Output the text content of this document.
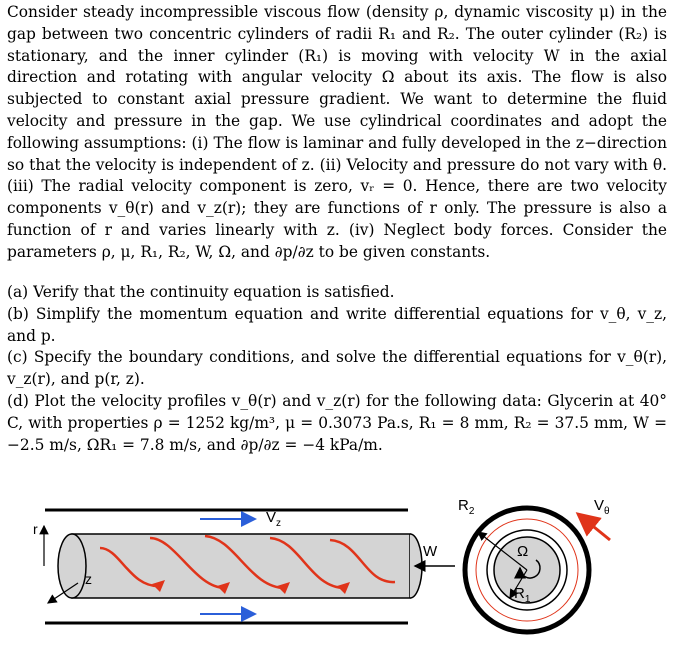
Consider steady incompressible viscous flow (density ρ, dynamic viscosity μ) in the gap between two concentric cylinders of radii R₁ and R₂. The outer cylinder (R₂) is stationary, and the inner cylinder (R₁) is moving with velocity W in the axial direction and rotating with angular velocity Ω about its axis. The flow is also subjected to constant axial pressure gradient. We want to determine the fluid velocity and pressure in the gap. We use cylindrical coordinates and adopt the following assumptions: (i) The flow is laminar and fully developed in the z−direction so that the velocity is independent of z. (ii) Velocity and pressure do not vary with θ. (iii) The radial velocity component is zero, vᵣ = 0. Hence, there are two velocity components v_θ(r) and v_z(r); they are functions of r only. The pressure is also a function of r and varies linearly with z. (iv) Neglect body forces. Consider the parameters ρ, μ, R₁, R₂, W, Ω, and ∂p/∂z to be given constants.

(a) Verify that the continuity equation is satisfied.
(b) Simplify the momentum equation and write differential equations for v_θ, v_z, and p.
(c) Specify the boundary conditions, and solve the differential equations for v_θ(r), v_z(r), and p(r, z).
(d) Plot the velocity profiles v_θ(r) and v_z(r) for the following data: Glycerin at 40° C, with properties ρ = 1252 kg/m³, μ = 0.3073 Pa.s, R₁ = 8 mm, R₂ = 37.5 mm, W = −2.5 m/s, ΩR₁ = 7.8 m/s, and ∂p/∂z = −4 kPa/m.
$V_z$
r
z
W
$R_2$
$R_1$
Ω
$V_\theta$
